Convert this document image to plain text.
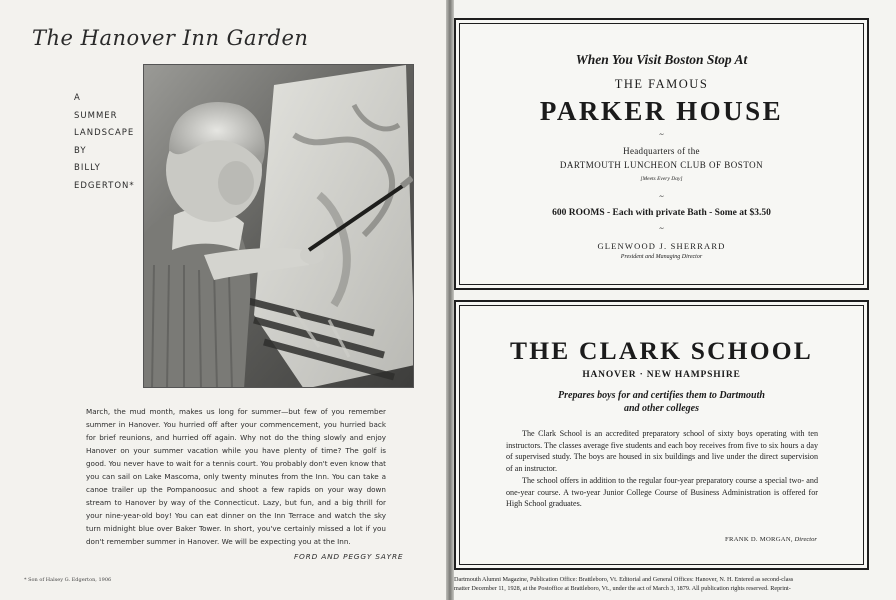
The Hanover Inn Garden
A
SUMMER
LANDSCAPE
BY
BILLY
EDGERTON*
March, the mud month, makes us long for summer—but few of you remember summer in Hanover. You hurried off after your commencement, you hurried back for brief reunions, and hurried off again. Why not do the thing slowly and enjoy Hanover on your summer vacation while you have plenty of time? The golf is good. You never have to wait for a tennis court. You probably don't even know that you can sail on Lake Mascoma, only twenty minutes from the Inn. You can take a canoe trailer up the Pompanoosuc and shoot a few rapids on your way down stream to Hanover by way of the Connecticut. Lazy, but fun, and a big thrill for your nine-year-old boy! You can eat dinner on the Inn Terrace and watch the sky turn midnight blue over Baker Tower. In short, you've certainly missed a lot if you don't remember summer in Hanover. We will be expecting you at the Inn.
FORD AND PEGGY SAYRE
* Son of Halsey G. Edgerton, 1906
When You Visit Boston Stop At
THE FAMOUS
PARKER HOUSE
~
Headquarters of the
DARTMOUTH LUNCHEON CLUB OF BOSTON
[Meets Every Day]
~
600 ROOMS - Each with private Bath - Some at $3.50
~
GLENWOOD J. SHERRARD
President and Managing Director
THE CLARK SCHOOL
HANOVER · NEW HAMPSHIRE
Prepares boys for and certifies them to Dartmouth
and other colleges

The Clark School is an accredited preparatory school of sixty boys operating with ten instructors. The classes average five students and each boy receives from five to six hours a day of supervised study. The boys are housed in six buildings and live under the direct supervision of an instructor.

The school offers in addition to the regular four-year preparatory course a special two- and one-year course. A two-year Junior College Course of Business Administration is offered for High School graduates.

FRANK D. MORGAN, Director
Dartmouth Alumni Magazine, Publication Office: Brattleboro, Vt. Editorial and General Offices: Hanover, N. H. Entered as second-class
matter December 11, 1928, at the Postoffice at Brattleboro, Vt., under the act of March 3, 1879. All publication rights reserved. Reprint-
